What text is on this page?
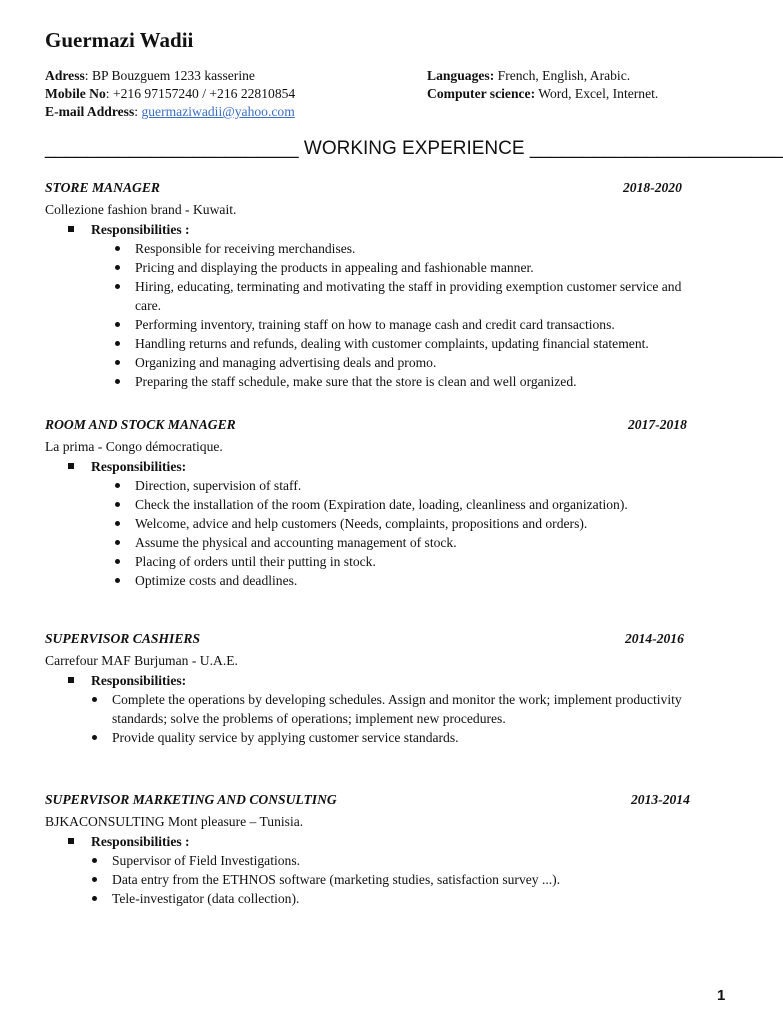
Guermazi Wadii
Adress: BP Bouzguem 1233 kasserine
Mobile No: +216 97157240 / +216 22810854
E-mail Address: guermaziwadii@yahoo.com
Languages: French, English, Arabic.
Computer science: Word, Excel, Internet.
________________________ WORKING EXPERIENCE ________________________
STORE MANAGER	2018-2020
Collezione fashion brand - Kuwait.
Responsibilities :
Responsible for receiving merchandises.
Pricing and displaying the products in appealing and fashionable manner.
Hiring, educating, terminating and motivating the staff in providing exemption customer service and care.
Performing inventory, training staff on how to manage cash and credit card transactions.
Handling returns and refunds, dealing with customer complaints, updating financial statement.
Organizing and managing advertising deals and promo.
Preparing the staff schedule, make sure that the store is clean and well organized.
ROOM AND STOCK MANAGER	2017-2018
La prima - Congo démocratique.
Responsibilities:
Direction, supervision of staff.
Check the installation of the room (Expiration date, loading, cleanliness and organization).
Welcome, advice and help customers (Needs, complaints, propositions and orders).
Assume the physical and accounting management of stock.
Placing of orders until their putting in stock.
Optimize costs and deadlines.
SUPERVISOR CASHIERS	2014-2016
Carrefour MAF Burjuman - U.A.E.
Responsibilities:
Complete the operations by developing schedules. Assign and monitor the work; implement productivity standards; solve the problems of operations; implement new procedures.
Provide quality service by applying customer service standards.
SUPERVISOR MARKETING AND CONSULTING	2013-2014
BJKACONSULTING Mont pleasure – Tunisia.
Responsibilities :
Supervisor of Field Investigations.
Data entry from the ETHNOS software (marketing studies, satisfaction survey ...).
Tele-investigator (data collection).
1
